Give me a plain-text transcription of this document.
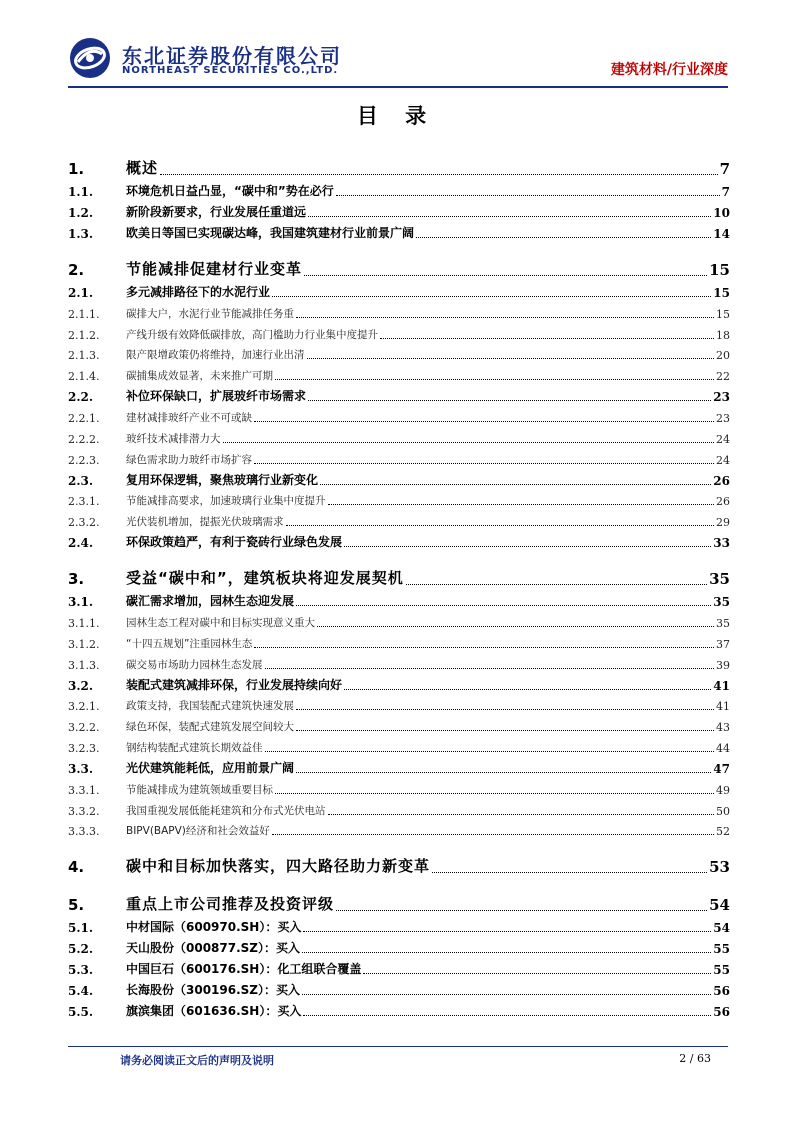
东北证券股份有限公司
NORTHEAST SECURITIES CO.,LTD.	建筑材料/行业深度
目 录
1.	概述	7
1.1.	环境危机日益凸显，“碳中和”势在必行	7
1.2.	新阶段新要求，行业发展任重道远	10
1.3.	欧美日等国已实现碳达峰，我国建筑建材行业前景广阔	14
2.	节能减排促建材行业变革	15
2.1.	多元减排路径下的水泥行业	15
2.1.1.	碳排大户，水泥行业节能减排任务重	15
2.1.2.	产线升级有效降低碳排放，高门槛助力行业集中度提升	18
2.1.3.	限产限增政策仍将维持，加速行业出清	20
2.1.4.	碳捕集成效显著，未来推广可期	22
2.2.	补位环保缺口，扩展玻纤市场需求	23
2.2.1.	建材减排玻纤产业不可或缺	23
2.2.2.	玻纤技术减排潜力大	24
2.2.3.	绿色需求助力玻纤市场扩容	24
2.3.	复用环保逻辑，聚焦玻璃行业新变化	26
2.3.1.	节能减排高要求，加速玻璃行业集中度提升	26
2.3.2.	光伏装机增加，提振光伏玻璃需求	29
2.4.	环保政策趋严，有利于瓷砖行业绿色发展	33
3.	受益“碳中和”，建筑板块将迎发展契机	35
3.1.	碳汇需求增加，园林生态迎发展	35
3.1.1.	园林生态工程对碳中和目标实现意义重大	35
3.1.2.	“十四五规划”注重园林生态	37
3.1.3.	碳交易市场助力园林生态发展	39
3.2.	装配式建筑减排环保，行业发展持续向好	41
3.2.1.	政策支持，我国装配式建筑快速发展	41
3.2.2.	绿色环保，装配式建筑发展空间较大	43
3.2.3.	钢结构装配式建筑长期效益佳	44
3.3.	光伏建筑能耗低，应用前景广阔	47
3.3.1.	节能减排成为建筑领域重要目标	49
3.3.2.	我国重视发展低能耗建筑和分布式光伏电站	50
3.3.3.	BIPV(BAPV)经济和社会效益好	52
4.	碳中和目标加快落实，四大路径助力新变革	53
5.	重点上市公司推荐及投资评级	54
5.1.	中材国际（600970.SH）：买入	54
5.2.	天山股份（000877.SZ）：买入	55
5.3.	中国巨石（600176.SH）：化工组联合覆盖	55
5.4.	长海股份（300196.SZ）：买入	56
5.5.	旗滨集团（601636.SH）：买入	56
请务必阅读正文后的声明及说明	2 / 63
